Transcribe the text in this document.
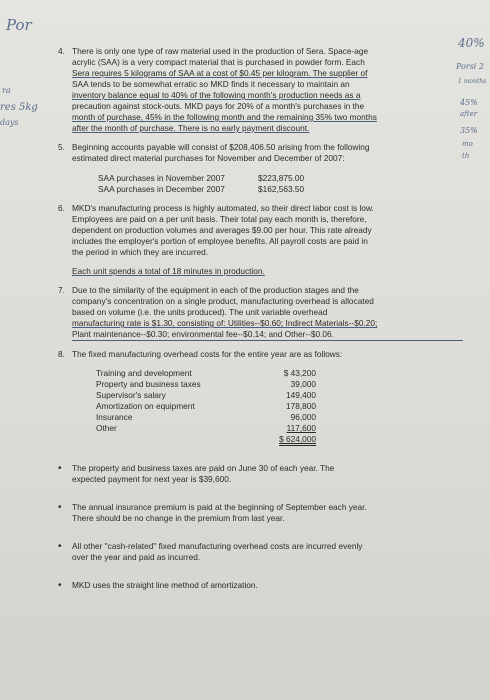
Por
ra
res 5kg
days
40%
Porsi 2
1 months
45%
after
35%
mo
th
4. There is only one type of raw material used in the production of Sera. Space-age
acrylic (SAA) is a very compact material that is purchased in powder form. Each
Sera requires 5 kilograms of SAA at a cost of $0.45 per kilogram. The supplier of
SAA tends to be somewhat erratic so MKD finds it necessary to maintain an
inventory balance equal to 40% of the following month's production needs as a
precaution against stock-outs. MKD pays for 20% of a month's purchases in the
month of purchase, 45% in the following month and the remaining 35% two months
after the month of purchase. There is no early payment discount.
5. Beginning accounts payable will consist of $208,406.50 arising from the following
estimated direct material purchases for November and December of 2007:
SAA purchases in November 2007	$223,875.00
SAA purchases in December 2007	$162,563.50
6. MKD's manufacturing process is highly automated, so their direct labor cost is low.
Employees are paid on a per unit basis. Their total pay each month is, therefore,
dependent on production volumes and averages $9.00 per hour. This rate already
includes the employer's portion of employee benefits. All payroll costs are paid in
the period in which they are incurred.
Each unit spends a total of 18 minutes in production.
7. Due to the similarity of the equipment in each of the production stages and the
company's concentration on a single product, manufacturing overhead is allocated
based on volume (i.e. the units produced). The unit variable overhead
manufacturing rate is $1.30, consisting of: Utilities--$0.60; Indirect Materials--$0.20;
Plant maintenance--$0.30; environmental fee--$0.14; and Other--$0.06.
8. The fixed manufacturing overhead costs for the entire year are as follows:
Training and development	$ 43,200
Property and business taxes	39,000
Supervisor's salary	149,400
Amortization on equipment	178,800
Insurance	96,000
Other	117,600
$ 624,000
• The property and business taxes are paid on June 30 of each year. The
expected payment for next year is $39,600.
• The annual insurance premium is paid at the beginning of September each year.
There should be no change in the premium from last year.
• All other "cash-related" fixed manufacturing overhead costs are incurred evenly
over the year and paid as incurred.
• MKD uses the straight line method of amortization.
